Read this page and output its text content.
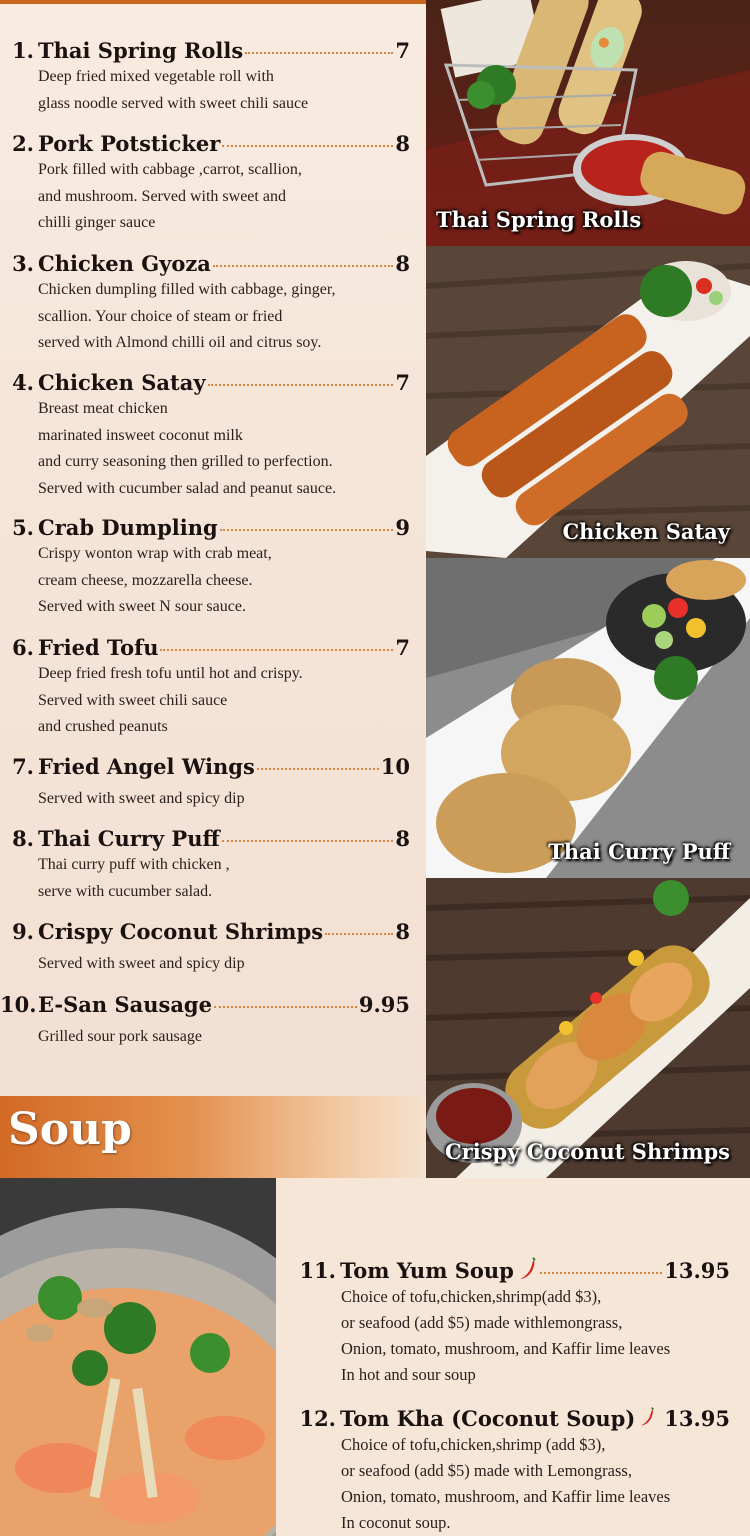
1. Thai Spring Rolls	7
Deep fried mixed vegetable roll with
glass noodle served with sweet chili sauce
2. Pork Potsticker	8
Pork filled with cabbage ,carrot, scallion,
and mushroom. Served with sweet and
chilli ginger sauce
3. Chicken Gyoza	8
Chicken dumpling filled with cabbage, ginger,
scallion. Your choice of steam or fried
served with Almond chilli oil and citrus soy.
4. Chicken Satay	7
Breast meat chicken
marinated insweet coconut milk
and curry seasoning then grilled to perfection.
Served with cucumber salad and peanut sauce.
5. Crab Dumpling	9
Crispy wonton wrap with crab meat,
cream cheese, mozzarella cheese.
Served with sweet N sour sauce.
6. Fried Tofu	7
Deep fried fresh tofu until hot and crispy.
Served with sweet chili sauce
and crushed peanuts
7. Fried Angel Wings	10
Served with sweet and spicy dip
8. Thai Curry Puff	8
Thai curry puff with chicken ,
serve with cucumber salad.
9. Crispy Coconut Shrimps	8
Served with sweet and spicy dip
10. E-San Sausage	9.95
Grilled sour pork sausage
Thai Spring Rolls
Chicken Satay
Thai Curry Puff
Crispy Coconut Shrimps
Soup
11. Tom Yum Soup	13.95
Choice of tofu,chicken,shrimp(add $3),
or seafood (add $5) made withlemongrass,
Onion, tomato, mushroom, and Kaffir lime leaves
In hot and sour soup
12. Tom Kha (Coconut Soup) 13.95
Choice of tofu,chicken,shrimp (add $3),
or seafood (add $5) made with Lemongrass,
Onion, tomato, mushroom, and Kaffir lime leaves
In coconut soup.
